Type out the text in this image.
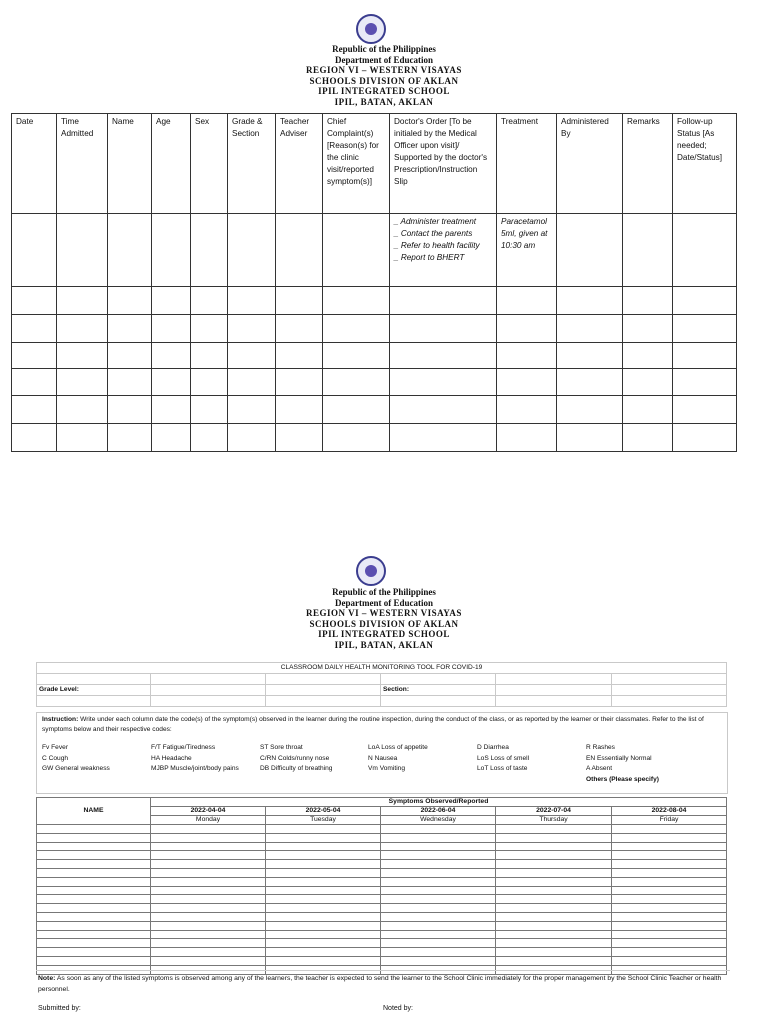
Republic of the Philippines
Department of Education
REGION VI – WESTERN VISAYAS
SCHOOLS DIVISION OF AKLAN
IPIL INTEGRATED SCHOOL
IPIL, BATAN, AKLAN
Date	Time Admitted	Name	Age	Sex	Grade & Section	Teacher Adviser	Chief Complaint(s) [Reason(s) for the clinic visit/reported symptom(s)]	Doctor's Order [To be initialed by the Medical Officer upon visit]/ Supported by the doctor's Prescription/Instruction Slip	Treatment	Administered By	Remarks	Follow-up Status [As needed; Date/Status]

								_ Administer treatment
_ Contact the parents
_ Refer to health facility
_ Report to BHERT	Paracetamol 5ml, given at 10:30 am			

Republic of the Philippines
Department of Education
REGION VI – WESTERN VISAYAS
SCHOOLS DIVISION OF AKLAN
IPIL INTEGRATED SCHOOL
IPIL, BATAN, AKLAN
CLASSROOM DAILY HEALTH MONITORING TOOL FOR COVID-19					

Grade Level:			Section:		

Instruction: Write under each column date the code(s) of the symptom(s) observed in the learner during the routine inspection, during the conduct of the class, or as reported by the learner or their classmates. Refer to the list of symptoms below and their respective codes:
Fv Fever
C Cough
GW General weakness
F/T Fatigue/Tiredness
HA Headache
MJBP Muscle/joint/body pains
ST Sore throat
C/RN Colds/runny nose
DB Difficulty of breathing
LoA Loss of appetite
N Nausea
Vm Vomiting
D Diarrhea
LoS Loss of smell
LoT Loss of taste
R Rashes
EN Essentially Normal
A Absent
Others (Please specify)
NAME	Symptoms Observed/Reported				
	2022-04-04	2022-05-04	2022-06-04	2022-07-04	2022-08-04
	Monday	Tuesday	Wednesday	Thursday	Friday

Note: As soon as any of the listed symptoms is observed among any of the learners, the teacher is expected to send the learner to the School Clinic immediately for the proper management by the School Clinic Teacher or health personnel.
Submitted by:	Noted by:
